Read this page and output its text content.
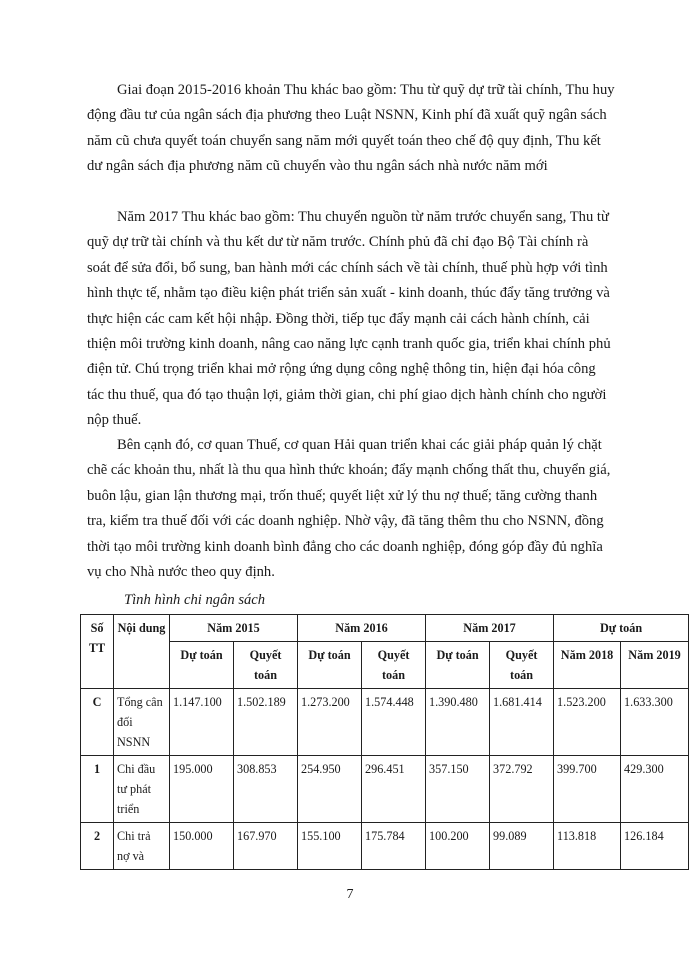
Giai đoạn 2015-2016 khoản Thu khác bao gồm: Thu từ quỹ dự trữ tài chính, Thu huy động đầu tư của ngân sách địa phương theo Luật NSNN, Kinh phí đã xuất quỹ ngân sách năm cũ chưa quyết toán chuyển sang năm mới quyết toán theo chế độ quy định, Thu kết dư ngân sách địa phương năm cũ chuyển vào thu ngân sách nhà nước năm mới

Năm 2017 Thu khác bao gồm: Thu chuyển nguồn từ năm trước chuyển sang, Thu từ quỹ dự trữ tài chính và thu kết dư từ năm trước. Chính phủ đã chỉ đạo Bộ Tài chính rà soát để sửa đổi, bổ sung, ban hành mới các chính sách về tài chính, thuế phù hợp với tình hình thực tế, nhằm tạo điều kiện phát triển sản xuất - kinh doanh, thúc đẩy tăng trưởng và thực hiện các cam kết hội nhập. Đồng thời, tiếp tục đẩy mạnh cải cách hành chính, cải thiện môi trường kinh doanh, nâng cao năng lực cạnh tranh quốc gia, triển khai chính phủ điện tử. Chú trọng triển khai mở rộng ứng dụng công nghệ thông tin, hiện đại hóa công tác thu thuế, qua đó tạo thuận lợi, giảm thời gian, chi phí giao dịch hành chính cho người nộp thuế.

Bên cạnh đó, cơ quan Thuế, cơ quan Hải quan triển khai các giải pháp quản lý chặt chẽ các khoản thu, nhất là thu qua hình thức khoán; đẩy mạnh chống thất thu, chuyển giá, buôn lậu, gian lận thương mại, trốn thuế; quyết liệt xử lý thu nợ thuế; tăng cường thanh tra, kiểm tra thuế đối với các doanh nghiệp. Nhờ vậy, đã tăng thêm thu cho NSNN, đồng thời tạo môi trường kinh doanh bình đẳng cho các doanh nghiệp, đóng góp đầy đủ nghĩa vụ cho Nhà nước theo quy định.

Tình hình chi ngân sách
Số TT	Nội dung	Năm 2015		Năm 2016		Năm 2017		Dự toán	
		Dự toán	Quyết toán	Dự toán	Quyết toán	Dự toán	Quyết toán	Năm 2018	Năm 2019
C	Tổng cân đối NSNN	1.147.100	1.502.189	1.273.200	1.574.448	1.390.480	1.681.414	1.523.200	1.633.300
1	Chi đầu tư phát triển	195.000	308.853	254.950	296.451	357.150	372.792	399.700	429.300
2	Chi trả nợ và	150.000	167.970	155.100	175.784	100.200	99.089	113.818	126.184
7
